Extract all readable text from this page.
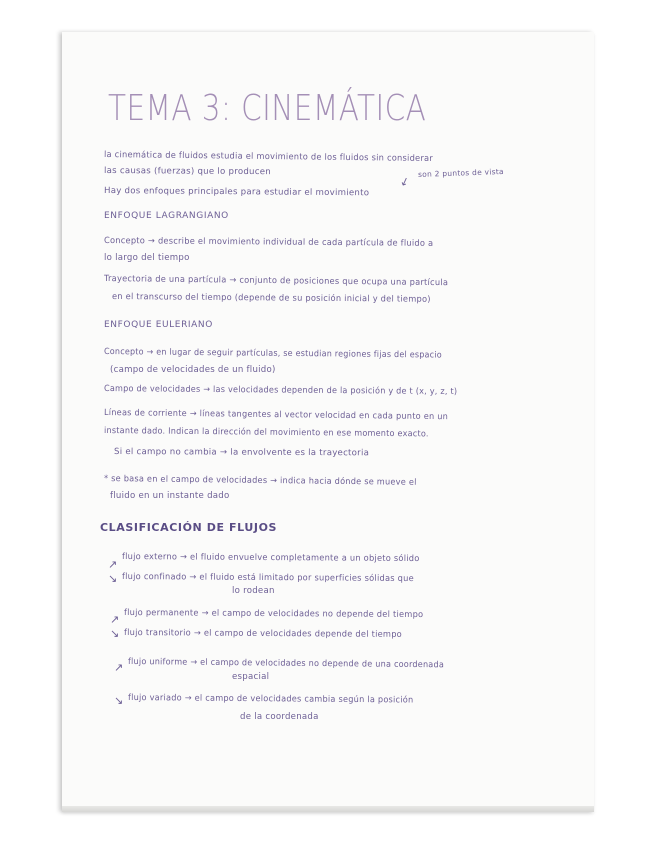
TEMA 3: CINEMÁTICA
la cinemática de fluidos estudia el movimiento de los fluidos sin considerar
las causas (fuerzas) que lo producen
Hay dos enfoques principales para estudiar el movimiento
↙
son 2 puntos de vista
ENFOQUE LAGRANGIANO
Concepto → describe el movimiento individual de cada partícula de fluido a
lo largo del tiempo
Trayectoria de una partícula → conjunto de posiciones que ocupa una partícula
en el transcurso del tiempo (depende de su posición inicial y del tiempo)
ENFOQUE EULERIANO
Concepto → en lugar de seguir partículas, se estudian regiones fijas del espacio
(campo de velocidades de un fluido)
Campo de velocidades → las velocidades dependen de la posición y de t (x, y, z, t)
Líneas de corriente → líneas tangentes al vector velocidad en cada punto en un
instante dado. Indican la dirección del movimiento en ese momento exacto.
Si el campo no cambia → la envolvente es la trayectoria
* se basa en el campo de velocidades → indica hacia dónde se mueve el
fluido en un instante dado
CLASIFICACIÓN DE FLUJOS
↗
↘
flujo externo → el fluido envuelve completamente a un objeto sólido
flujo confinado → el fluido está limitado por superficies sólidas que
lo rodean
↗
↘
flujo permanente → el campo de velocidades no depende del tiempo
flujo transitorio → el campo de velocidades depende del tiempo
↗
↘
flujo uniforme → el campo de velocidades no depende de una coordenada
espacial
flujo variado → el campo de velocidades cambia según la posición
de la coordenada
